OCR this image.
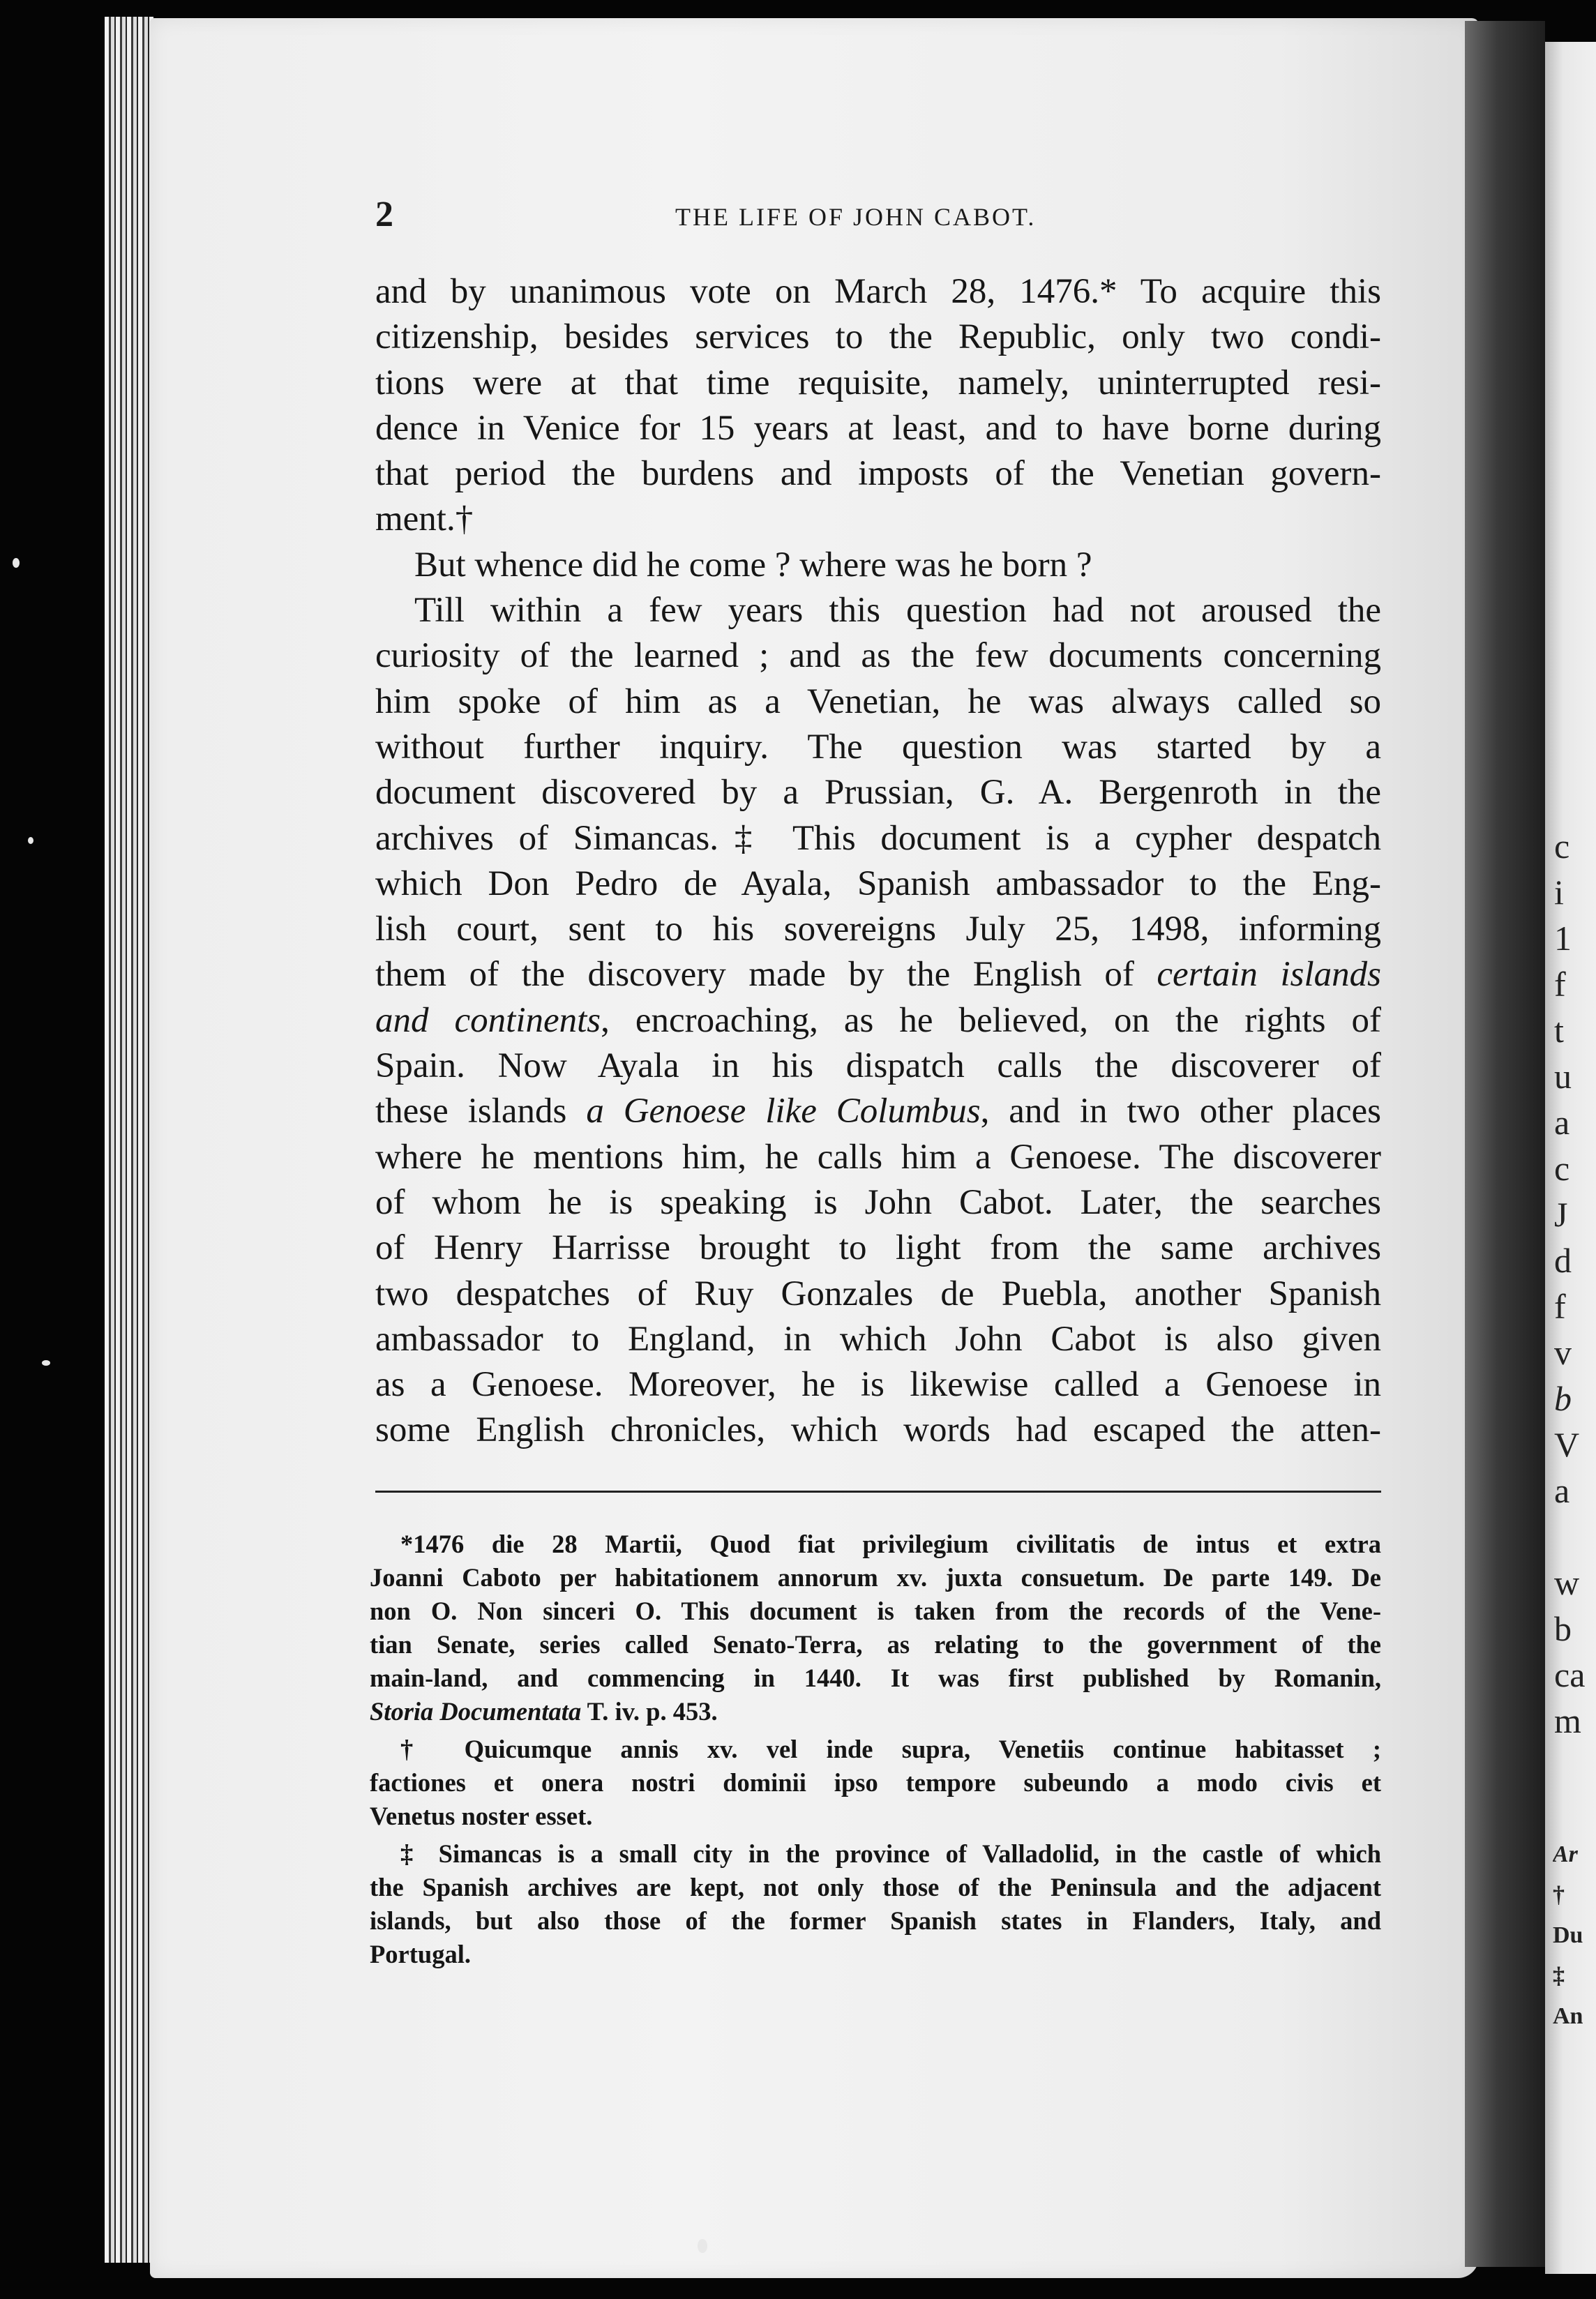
c
i
1
f
t
u
a
c
J
d
f
v
b
V
a
w
b
ca
m
Ar
†
Du
‡
An
2	THE LIFE OF JOHN CABOT.
and by unanimous vote on March 28, 1476.* To acquire this
citizenship, besides services to the Republic, only two condi-
tions were at that time requisite, namely, uninterrupted resi-
dence in Venice for 15 years at least, and to have borne during
that period the burdens and imposts of the Venetian govern-
ment.†
But whence did he come ? where was he born ?
Till within a few years this question had not aroused the
curiosity of the learned ; and as the few documents concerning
him spoke of him as a Venetian, he was always called so
without further inquiry. The question was started by a
document discovered by a Prussian, G. A. Bergenroth in the
archives of Simancas.‡ This document is a cypher despatch
which Don Pedro de Ayala, Spanish ambassador to the Eng-
lish court, sent to his sovereigns July 25, 1498, informing
them of the discovery made by the English of certain islands
and continents, encroaching, as he believed, on the rights of
Spain. Now Ayala in his dispatch calls the discoverer of
these islands a Genoese like Columbus, and in two other places
where he mentions him, he calls him a Genoese. The discoverer
of whom he is speaking is John Cabot. Later, the searches
of Henry Harrisse brought to light from the same archives
two despatches of Ruy Gonzales de Puebla, another Spanish
ambassador to England, in which John Cabot is also given
as a Genoese. Moreover, he is likewise called a Genoese in
some English chronicles, which words had escaped the atten-
*1476 die 28 Martii, Quod fiat privilegium civilitatis de intus et extra
Joanni Caboto per habitationem annorum xv. juxta consuetum. De parte 149. De
non O. Non sinceri O. This document is taken from the records of the Vene-
tian Senate, series called Senato-Terra, as relating to the government of the
main-land, and commencing in 1440. It was first published by Romanin,
Storia Documentata T. iv. p. 453.
† Quicumque annis xv. vel inde supra, Venetiis continue habitasset ;
factiones et onera nostri dominii ipso tempore subeundo a modo civis et
Venetus noster esset.
‡ Simancas is a small city in the province of Valladolid, in the castle of which
the Spanish archives are kept, not only those of the Peninsula and the adjacent
islands, but also those of the former Spanish states in Flanders, Italy, and
Portugal.
